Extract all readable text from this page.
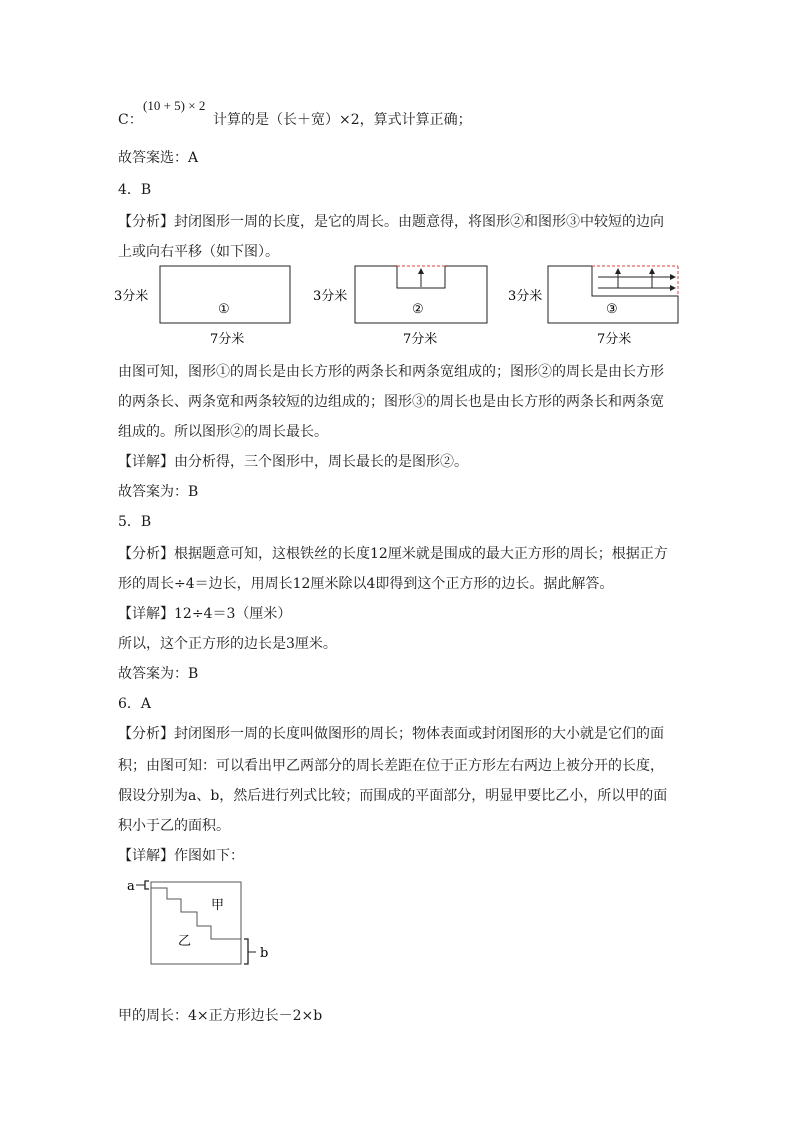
C：
(10 + 5) × 2
计算的是（长＋宽）×2，算式计算正确；
故答案选：A
4．B
【分析】封闭图形一周的长度，是它的周长。由题意得，将图形②和图形③中较短的边向
上或向右平移（如下图）。
3分米
①
7分米
3分米
②
7分米
3分米
③
7分米
由图可知，图形①的周长是由长方形的两条长和两条宽组成的；图形②的周长是由长方形
的两条长、两条宽和两条较短的边组成的；图形③的周长也是由长方形的两条长和两条宽
组成的。所以图形②的周长最长。
【详解】由分析得，三个图形中，周长最长的是图形②。
故答案为：B
5．B
【分析】根据题意可知，这根铁丝的长度12厘米就是围成的最大正方形的周长；根据正方
形的周长÷4＝边长，用周长12厘米除以4即得到这个正方形的边长。据此解答。
【详解】12÷4＝3（厘米）
所以，这个正方形的边长是3厘米。
故答案为：B
6．A
【分析】封闭图形一周的长度叫做图形的周长；物体表面或封闭图形的大小就是它们的面
积；由图可知：可以看出甲乙两部分的周长差距在位于正方形左右两边上被分开的长度，
假设分别为a、b，然后进行列式比较；而围成的平面部分，明显甲要比乙小，所以甲的面
积小于乙的面积。
【详解】作图如下：
a
b
甲
乙
甲的周长：4×正方形边长－2×b
